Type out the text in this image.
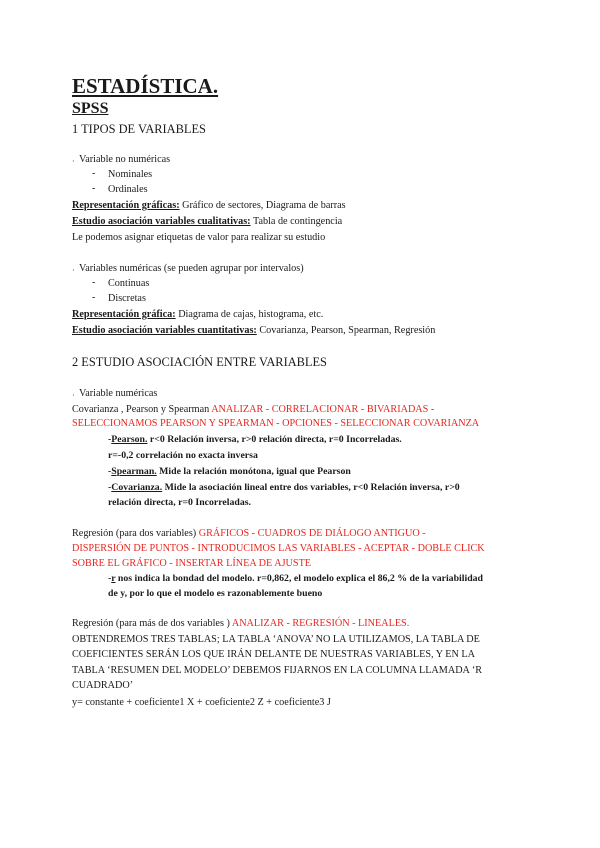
ESTADÍSTICA.
SPSS
1 TIPOS DE VARIABLES
· Variable no numéricas
- Nominales
- Ordinales
Representación gráficas: Gráfico de sectores, Diagrama de barras
Estudio asociación variables cualitativas: Tabla de contingencia
Le podemos asignar etiquetas de valor para realizar su estudio
· Variables numéricas (se pueden agrupar por intervalos)
- Continuas
- Discretas
Representación gráfica: Diagrama de cajas, histograma, etc.
Estudio asociación variables cuantitativas: Covarianza, Pearson, Spearman, Regresión
2 ESTUDIO ASOCIACIÓN ENTRE VARIABLES
· Variable numéricas
Covarianza , Pearson y Spearman ANALIZAR - CORRELACIONAR - BIVARIADAS -
SELECCIONAMOS PEARSON Y SPEARMAN - OPCIONES - SELECCIONAR COVARIANZA
-Pearson. r<0 Relación inversa, r>0 relación directa, r=0 Incorreladas.
r=-0,2 correlación no exacta inversa
-Spearman. Mide la relación monótona, igual que Pearson
-Covarianza. Mide la asociación lineal entre dos variables, r<0 Relación inversa, r>0
relación directa, r=0 Incorreladas.
Regresión (para dos variables) GRÁFICOS - CUADROS DE DIÁLOGO ANTIGUO -
DISPERSIÓN DE PUNTOS - INTRODUCIMOS LAS VARIABLES - ACEPTAR - DOBLE CLICK
SOBRE EL GRÁFICO - INSERTAR LÍNEA DE AJUSTE
-r nos indica la bondad del modelo. r=0,862, el modelo explica el 86,2 % de la variabilidad
de y, por lo que el modelo es razonablemente bueno
Regresión (para más de dos variables ) ANALIZAR - REGRESIÓN - LINEALES.
OBTENDREMOS TRES TABLAS; LA TABLA ‘ANOVA’ NO LA UTILIZAMOS, LA TABLA DE
COEFICIENTES SERÁN LOS QUE IRÁN DELANTE DE NUESTRAS VARIABLES, Y EN LA
TABLA ‘RESUMEN DEL MODELO’ DEBEMOS FIJARNOS EN LA COLUMNA LLAMADA ‘R
CUADRADO’
y= constante + coeficiente1 X + coeficiente2 Z + coeficiente3 J
